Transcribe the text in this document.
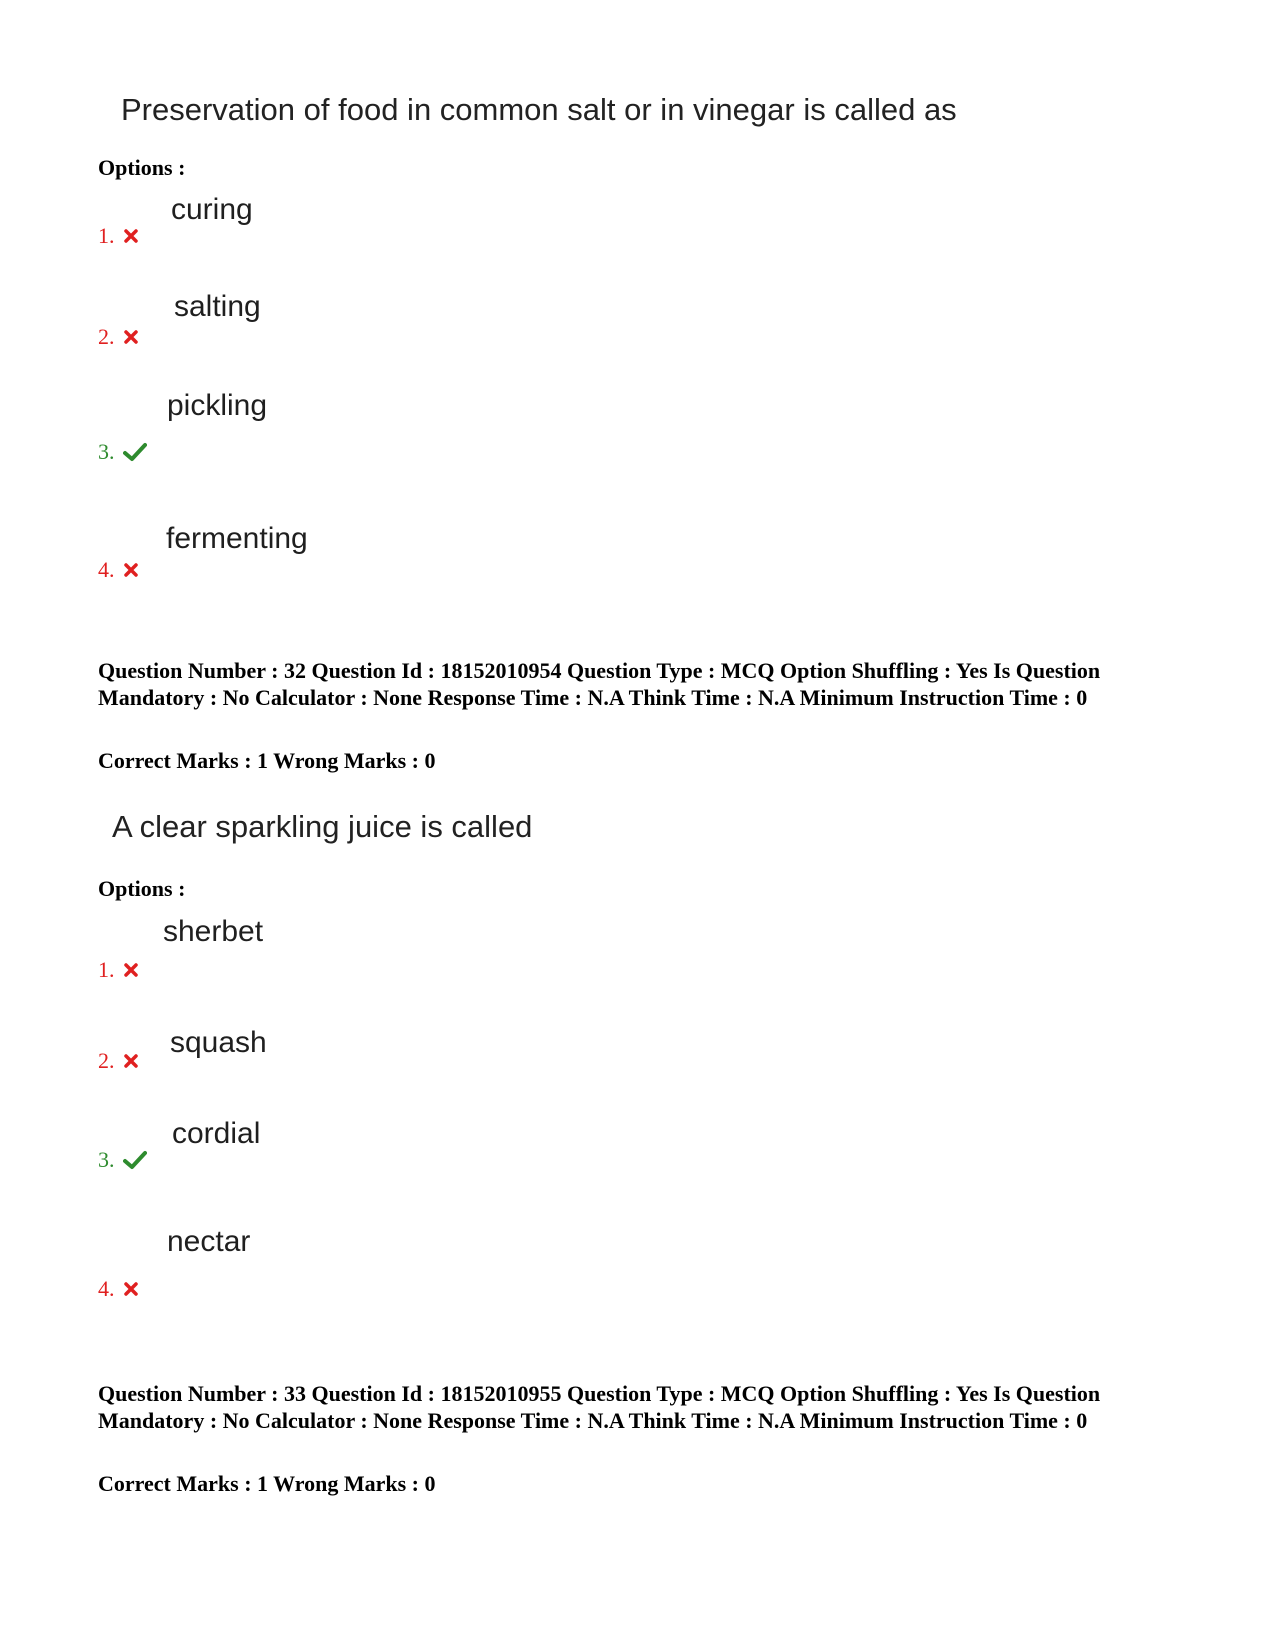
Preservation of food in common salt or in vinegar is called as
Options :
curing
1.
salting
2.
pickling
3.
fermenting
4.
Question Number : 32 Question Id : 18152010954 Question Type : MCQ Option Shuffling : Yes Is Question Mandatory : No Calculator : None Response Time : N.A Think Time : N.A Minimum Instruction Time : 0
Correct Marks : 1 Wrong Marks : 0
A clear sparkling juice is called
Options :
sherbet
1.
squash
2.
cordial
3.
nectar
4.
Question Number : 33 Question Id : 18152010955 Question Type : MCQ Option Shuffling : Yes Is Question Mandatory : No Calculator : None Response Time : N.A Think Time : N.A Minimum Instruction Time : 0
Correct Marks : 1 Wrong Marks : 0
